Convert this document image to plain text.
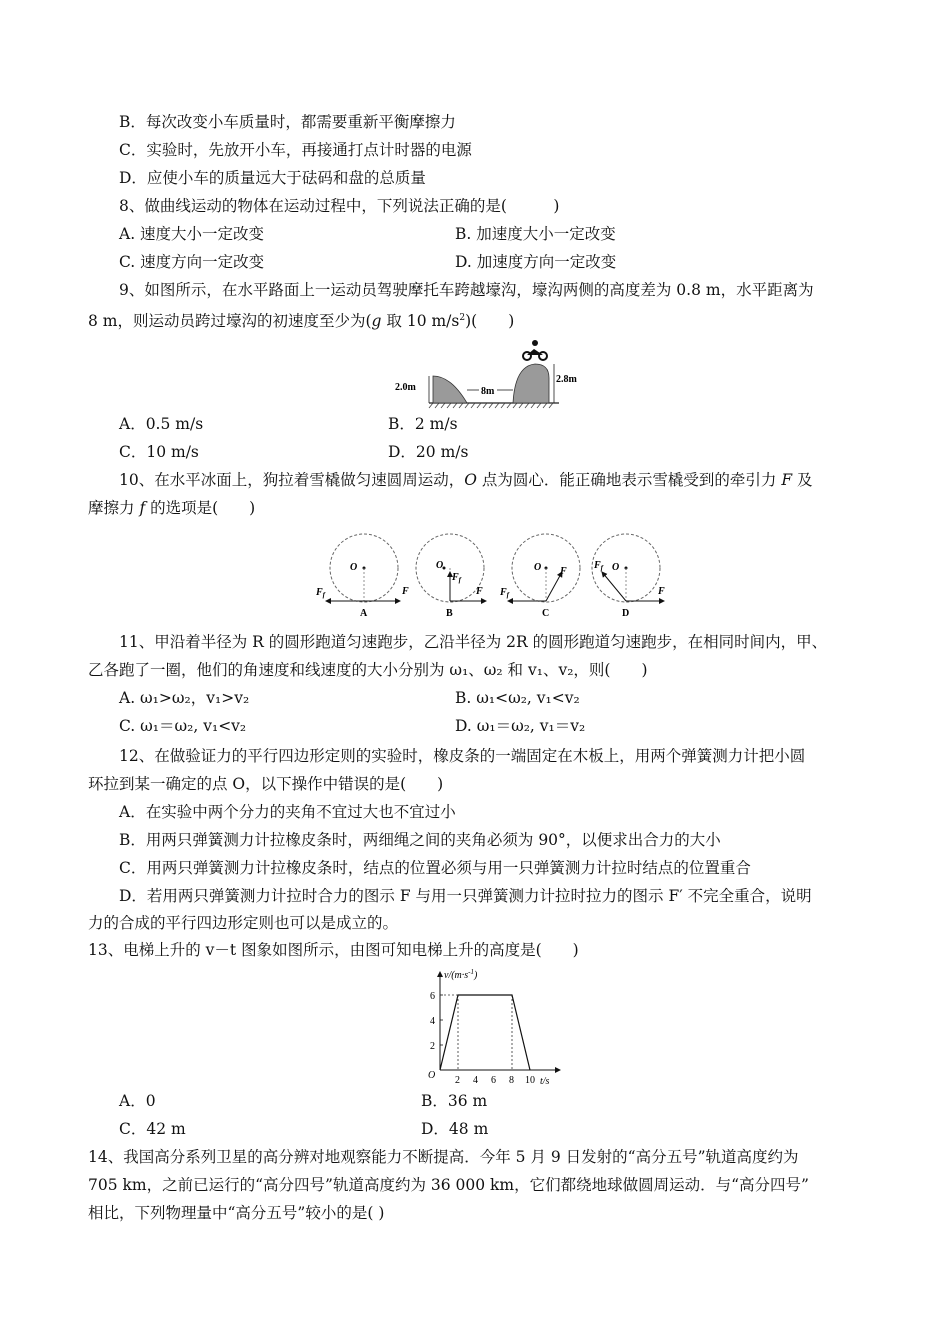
B．每次改变小车质量时，都需要重新平衡摩擦力
C．实验时，先放开小车，再接通打点计时器的电源
D．应使小车的质量远大于砝码和盘的总质量
8、做曲线运动的物体在运动过程中，下列说法正确的是(　　　)
A. 速度大小一定改变	B. 加速度大小一定改变
C. 速度方向一定改变	D. 加速度方向一定改变
9、如图所示，在水平路面上一运动员驾驶摩托车跨越壕沟，壕沟两侧的高度差为 0.8 m，水平距离为
8 m，则运动员跨过壕沟的初速度至少为(g 取 10 $m/s^2$)(　　)
2.0m	8m
2.8m
A．0.5 m/s	B．2 m/s
C．10 m/s	D．20 m/s
10、在水平冰面上，狗拉着雪橇做匀速圆周运动，O 点为圆心．能正确地表示雪橇受到的牵引力 F 及
摩擦力 f 的选项是(　　)
O
F
$F_f$
A
O
F
$F_f$
B
O F
$F_f$
C
O
F
$F_f$
D
11、甲沿着半径为 R 的圆形跑道匀速跑步，乙沿半径为 2R 的圆形跑道匀速跑步，在相同时间内，甲、
乙各跑了一圈，他们的角速度和线速度的大小分别为 ω₁、ω₂ 和 v₁、v₂，则(　　)
A. ω₁>ω₂，v₁>v₂	B. ω₁<ω₂, v₁<v₂
C. ω₁＝ω₂, v₁<v₂	D. ω₁＝ω₂, v₁＝v₂
12、在做验证力的平行四边形定则的实验时，橡皮条的一端固定在木板上，用两个弹簧测力计把小圆
环拉到某一确定的点 O，以下操作中错误的是(　　)
A．在实验中两个分力的夹角不宜过大也不宜过小
B．用两只弹簧测力计拉橡皮条时，两细绳之间的夹角必须为 90°，以便求出合力的大小
C．用两只弹簧测力计拉橡皮条时，结点的位置必须与用一只弹簧测力计拉时结点的位置重合
D．若用两只弹簧测力计拉时合力的图示 F 与用一只弹簧测力计拉时拉力的图示 F′ 不完全重合，说明
力的合成的平行四边形定则也可以是成立的。
13、电梯上升的 v－t 图象如图所示，由图可知电梯上升的高度是(　　)
$v/(m\cdot s^{-1})$
t/s
O
2
4
6
2 4 6 8 10
A．0	B．36 m
C．42 m	D．48 m
14、我国高分系列卫星的高分辨对地观察能力不断提高．今年 5 月 9 日发射的“高分五号”轨道高度约为
705 km，之前已运行的“高分四号”轨道高度约为 36 000 km，它们都绕地球做圆周运动．与“高分四号”
相比，下列物理量中“高分五号”较小的是( )
